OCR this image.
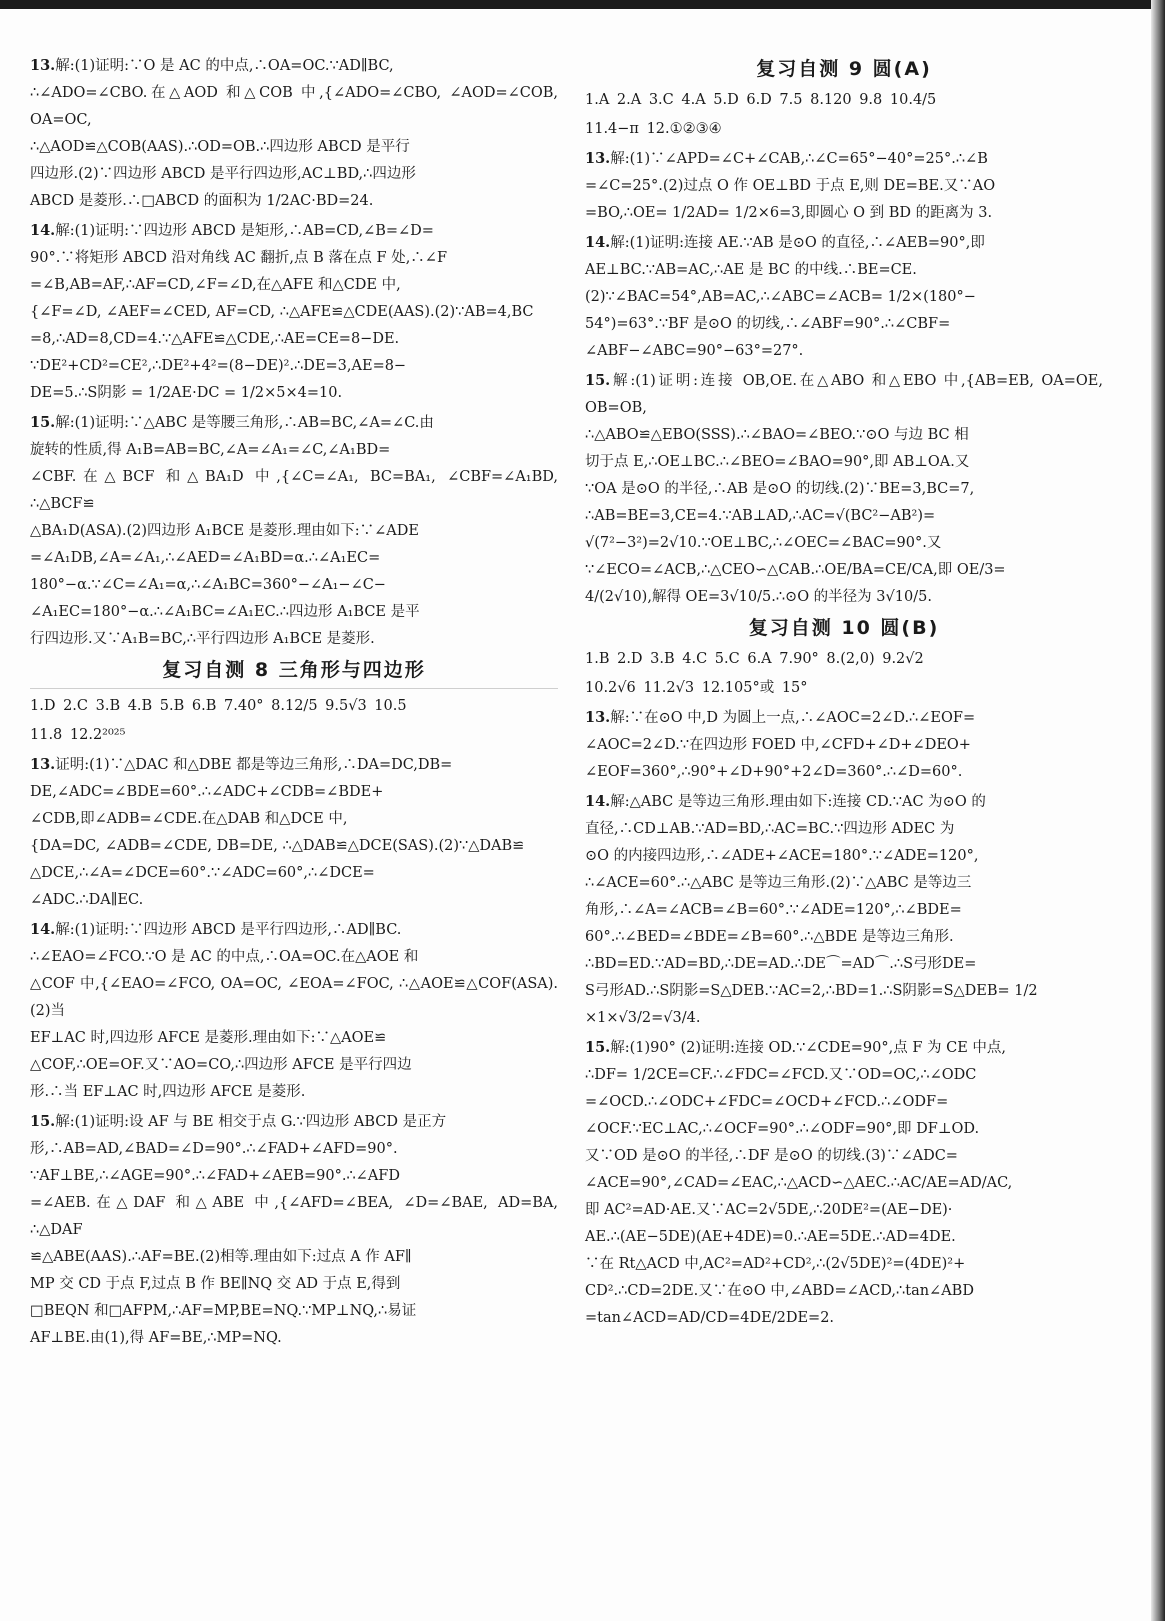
13.解:(1)证明:∵O 是 AC 的中点,∴OA=OC.∵AD∥BC,
∴∠ADO=∠CBO.在△AOD 和△COB 中,{∠ADO=∠CBO, ∠AOD=∠COB, OA=OC,
∴△AOD≌△COB(AAS).∴OD=OB.∴四边形 ABCD 是平行
四边形.(2)∵四边形 ABCD 是平行四边形,AC⊥BD,∴四边形
ABCD 是菱形.∴□ABCD 的面积为 1/2AC·BD=24.
14.解:(1)证明:∵四边形 ABCD 是矩形,∴AB=CD,∠B=∠D=
90°.∵将矩形 ABCD 沿对角线 AC 翻折,点 B 落在点 F 处,∴∠F
=∠B,AB=AF,∴AF=CD,∠F=∠D,在△AFE 和△CDE 中,
{∠F=∠D, ∠AEF=∠CED, AF=CD, ∴△AFE≌△CDE(AAS).(2)∵AB=4,BC
=8,∴AD=8,CD=4.∵△AFE≌△CDE,∴AE=CE=8−DE.
∵DE²+CD²=CE²,∴DE²+4²=(8−DE)².∴DE=3,AE=8−
DE=5.∴S阴影 = 1/2AE·DC = 1/2×5×4=10.
15.解:(1)证明:∵△ABC 是等腰三角形,∴AB=BC,∠A=∠C.由
旋转的性质,得 A₁B=AB=BC,∠A=∠A₁=∠C,∠A₁BD=
∠CBF.在△BCF 和△BA₁D 中,{∠C=∠A₁, BC=BA₁, ∠CBF=∠A₁BD, ∴△BCF≌
△BA₁D(ASA).(2)四边形 A₁BCE 是菱形.理由如下:∵∠ADE
=∠A₁DB,∠A=∠A₁,∴∠AED=∠A₁BD=α.∴∠A₁EC=
180°−α.∵∠C=∠A₁=α,∴∠A₁BC=360°−∠A₁−∠C−
∠A₁EC=180°−α.∴∠A₁BC=∠A₁EC.∴四边形 A₁BCE 是平
行四边形.又∵A₁B=BC,∴平行四边形 A₁BCE 是菱形.
复习自测 8 三角形与四边形
1.D 2.C 3.B 4.B 5.B 6.B 7.40° 8.12/5 9.5√3 10.5
11.8 12.2²⁰²⁵
13.证明:(1)∵△DAC 和△DBE 都是等边三角形,∴DA=DC,DB=
DE,∠ADC=∠BDE=60°.∴∠ADC+∠CDB=∠BDE+
∠CDB,即∠ADB=∠CDE.在△DAB 和△DCE 中,
{DA=DC, ∠ADB=∠CDE, DB=DE, ∴△DAB≌△DCE(SAS).(2)∵△DAB≌
△DCE,∴∠A=∠DCE=60°.∵∠ADC=60°,∴∠DCE=
∠ADC.∴DA∥EC.
14.解:(1)证明:∵四边形 ABCD 是平行四边形,∴AD∥BC.
∴∠EAO=∠FCO.∵O 是 AC 的中点,∴OA=OC.在△AOE 和
△COF 中,{∠EAO=∠FCO, OA=OC, ∠EOA=∠FOC, ∴△AOE≌△COF(ASA).(2)当
EF⊥AC 时,四边形 AFCE 是菱形.理由如下:∵△AOE≌
△COF,∴OE=OF.又∵AO=CO,∴四边形 AFCE 是平行四边
形.∴当 EF⊥AC 时,四边形 AFCE 是菱形.
15.解:(1)证明:设 AF 与 BE 相交于点 G.∵四边形 ABCD 是正方
形,∴AB=AD,∠BAD=∠D=90°.∴∠FAD+∠AFD=90°.
∵AF⊥BE,∴∠AGE=90°.∴∠FAD+∠AEB=90°.∴∠AFD
=∠AEB.在△DAF 和△ABE 中,{∠AFD=∠BEA, ∠D=∠BAE, AD=BA, ∴△DAF
≌△ABE(AAS).∴AF=BE.(2)相等.理由如下:过点 A 作 AF∥
MP 交 CD 于点 F,过点 B 作 BE∥NQ 交 AD 于点 E,得到
□BEQN 和□AFPM,∴AF=MP,BE=NQ.∵MP⊥NQ,∴易证
AF⊥BE.由(1),得 AF=BE,∴MP=NQ.
复习自测 9 圆(A)
1.A 2.A 3.C 4.A 5.D 6.D 7.5 8.120 9.8 10.4/5
11.4−π 12.①②③④
13.解:(1)∵∠APD=∠C+∠CAB,∴∠C=65°−40°=25°.∴∠B
=∠C=25°.(2)过点 O 作 OE⊥BD 于点 E,则 DE=BE.又∵AO
=BO,∴OE= 1/2AD= 1/2×6=3,即圆心 O 到 BD 的距离为 3.
14.解:(1)证明:连接 AE.∵AB 是⊙O 的直径,∴∠AEB=90°,即
AE⊥BC.∵AB=AC,∴AE 是 BC 的中线.∴BE=CE.
(2)∵∠BAC=54°,AB=AC,∴∠ABC=∠ACB= 1/2×(180°−
54°)=63°.∵BF 是⊙O 的切线,∴∠ABF=90°.∴∠CBF=
∠ABF−∠ABC=90°−63°=27°.
15.解:(1)证明:连接 OB,OE.在△ABO 和△EBO 中,{AB=EB, OA=OE, OB=OB,
∴△ABO≌△EBO(SSS).∴∠BAO=∠BEO.∵⊙O 与边 BC 相
切于点 E,∴OE⊥BC.∴∠BEO=∠BAO=90°,即 AB⊥OA.又
∵OA 是⊙O 的半径,∴AB 是⊙O 的切线.(2)∵BE=3,BC=7,
∴AB=BE=3,CE=4.∵AB⊥AD,∴AC=√(BC²−AB²)=
√(7²−3²)=2√10.∵OE⊥BC,∴∠OEC=∠BAC=90°.又
∵∠ECO=∠ACB,∴△CEO∽△CAB.∴OE/BA=CE/CA,即 OE/3=
4/(2√10),解得 OE=3√10/5.∴⊙O 的半径为 3√10/5.
复习自测 10 圆(B)
1.B 2.D 3.B 4.C 5.C 6.A 7.90° 8.(2,0) 9.2√2
10.2√6 11.2√3 12.105°或 15°
13.解:∵在⊙O 中,D 为圆上一点,∴∠AOC=2∠D.∴∠EOF=
∠AOC=2∠D.∵在四边形 FOED 中,∠CFD+∠D+∠DEO+
∠EOF=360°,∴90°+∠D+90°+2∠D=360°.∴∠D=60°.
14.解:△ABC 是等边三角形.理由如下:连接 CD.∵AC 为⊙O 的
直径,∴CD⊥AB.∵AD=BD,∴AC=BC.∵四边形 ADEC 为
⊙O 的内接四边形,∴∠ADE+∠ACE=180°.∵∠ADE=120°,
∴∠ACE=60°.∴△ABC 是等边三角形.(2)∵△ABC 是等边三
角形,∴∠A=∠ACB=∠B=60°.∵∠ADE=120°,∴∠BDE=
60°.∴∠BED=∠BDE=∠B=60°.∴△BDE 是等边三角形.
∴BD=ED.∵AD=BD,∴DE=AD.∴DE⌒=AD⌒.∴S弓形DE=
S弓形AD.∴S阴影=S△DEB.∵AC=2,∴BD=1.∴S阴影=S△DEB= 1/2
×1×√3/2=√3/4.
15.解:(1)90° (2)证明:连接 OD.∵∠CDE=90°,点 F 为 CE 中点,
∴DF= 1/2CE=CF.∴∠FDC=∠FCD.又∵OD=OC,∴∠ODC
=∠OCD.∴∠ODC+∠FDC=∠OCD+∠FCD.∴∠ODF=
∠OCF.∵EC⊥AC,∴∠OCF=90°.∴∠ODF=90°,即 DF⊥OD.
又∵OD 是⊙O 的半径,∴DF 是⊙O 的切线.(3)∵∠ADC=
∠ACE=90°,∠CAD=∠EAC,∴△ACD∽△AEC.∴AC/AE=AD/AC,
即 AC²=AD·AE.又∵AC=2√5DE,∴20DE²=(AE−DE)·
AE.∴(AE−5DE)(AE+4DE)=0.∴AE=5DE.∴AD=4DE.
∵在 Rt△ACD 中,AC²=AD²+CD²,∴(2√5DE)²=(4DE)²+
CD².∴CD=2DE.又∵在⊙O 中,∠ABD=∠ACD,∴tan∠ABD
=tan∠ACD=AD/CD=4DE/2DE=2.
